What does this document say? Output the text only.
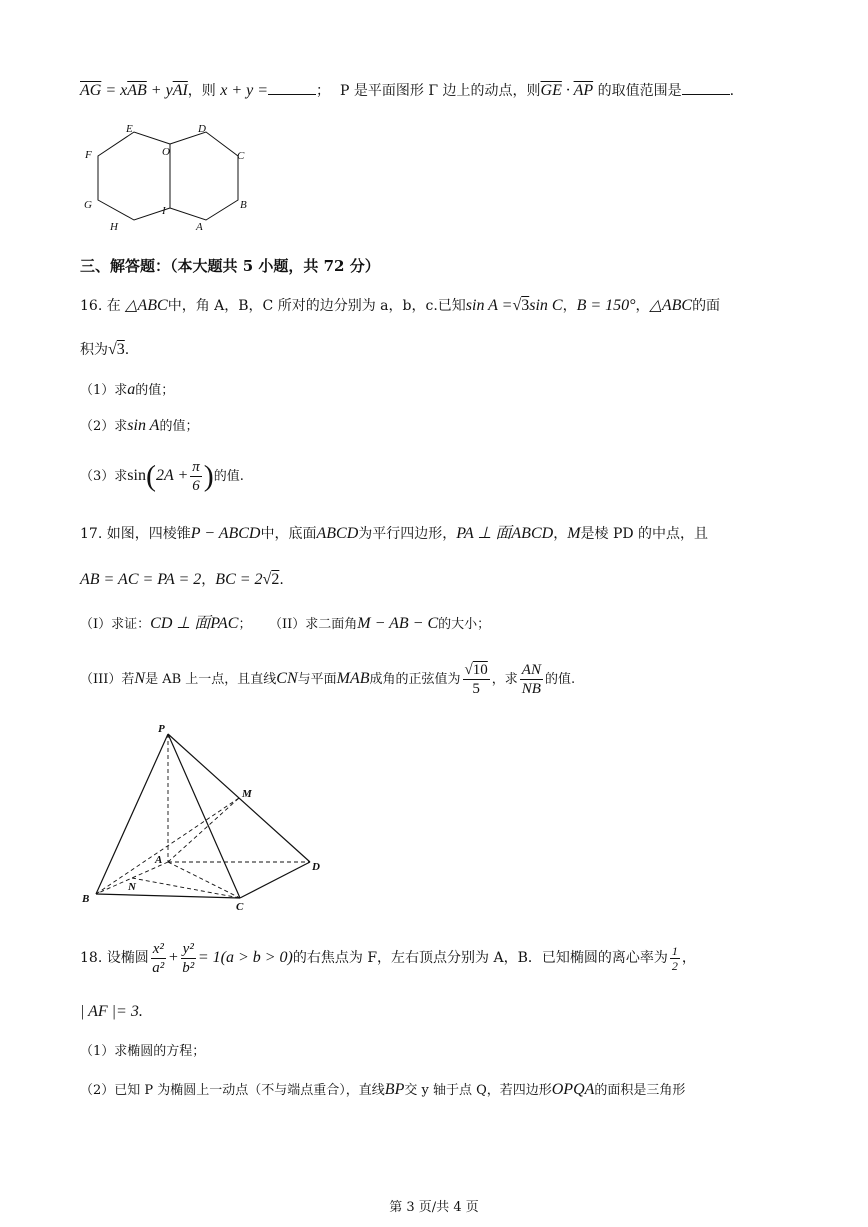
$\overline{AG} = x\overline{AB} + y\overline{AI}$，则 x + y =	； P 是平面图形 Γ 边上的动点，则$\overline{GE} \cdot \overline{AP}$ 的取值范围是	.
E	D
F	O	C
G	I	B
H	A
三、解答题：（本大题共 5 小题，共 72 分）
16. 在 △ABC中，角 A，B，C 所对的边分别为 a，b，c.已知sin A =√3sin C，B = 150°，△ABC的面
积为√3.
（1）求a的值；
（2）求sin A的值；
（3）求$\sin(2A + \frac{\pi}{6}$ )的值.
17. 如图，四棱锥P − ABCD中，底面ABCD为平行四边形，PA ⊥ 面ABCD，M是棱 PD 的中点，且
AB = AC = PA = 2，BC = 2√2.
（I）求证：CD ⊥ 面PAC； （II）求二面角M − AB − C的大小；
（III）若N是 AB 上一点，且直线CN与平面MAB成角的正弦值为 $\frac{√10}{5}$ ，求 $\frac{AN}{NB}$ 的值.
P
M
A
D
N
B
C
18. 设椭圆 $\frac{\text{x²}}{\text{a²}} + \frac{\text{y²}}{\text{b²}} = 1(a > b > 0)$的右焦点为 F，左右顶点分别为 A，B．已知椭圆的离心率为 $\frac{1}{2}$ ，
| AF |= 3.
（1）求椭圆的方程；
（2）已知 P 为椭圆上一动点（不与端点重合），直线BP交 y 轴于点 Q，若四边形OPQA的面积是三角形
第 3 页/共 4 页
